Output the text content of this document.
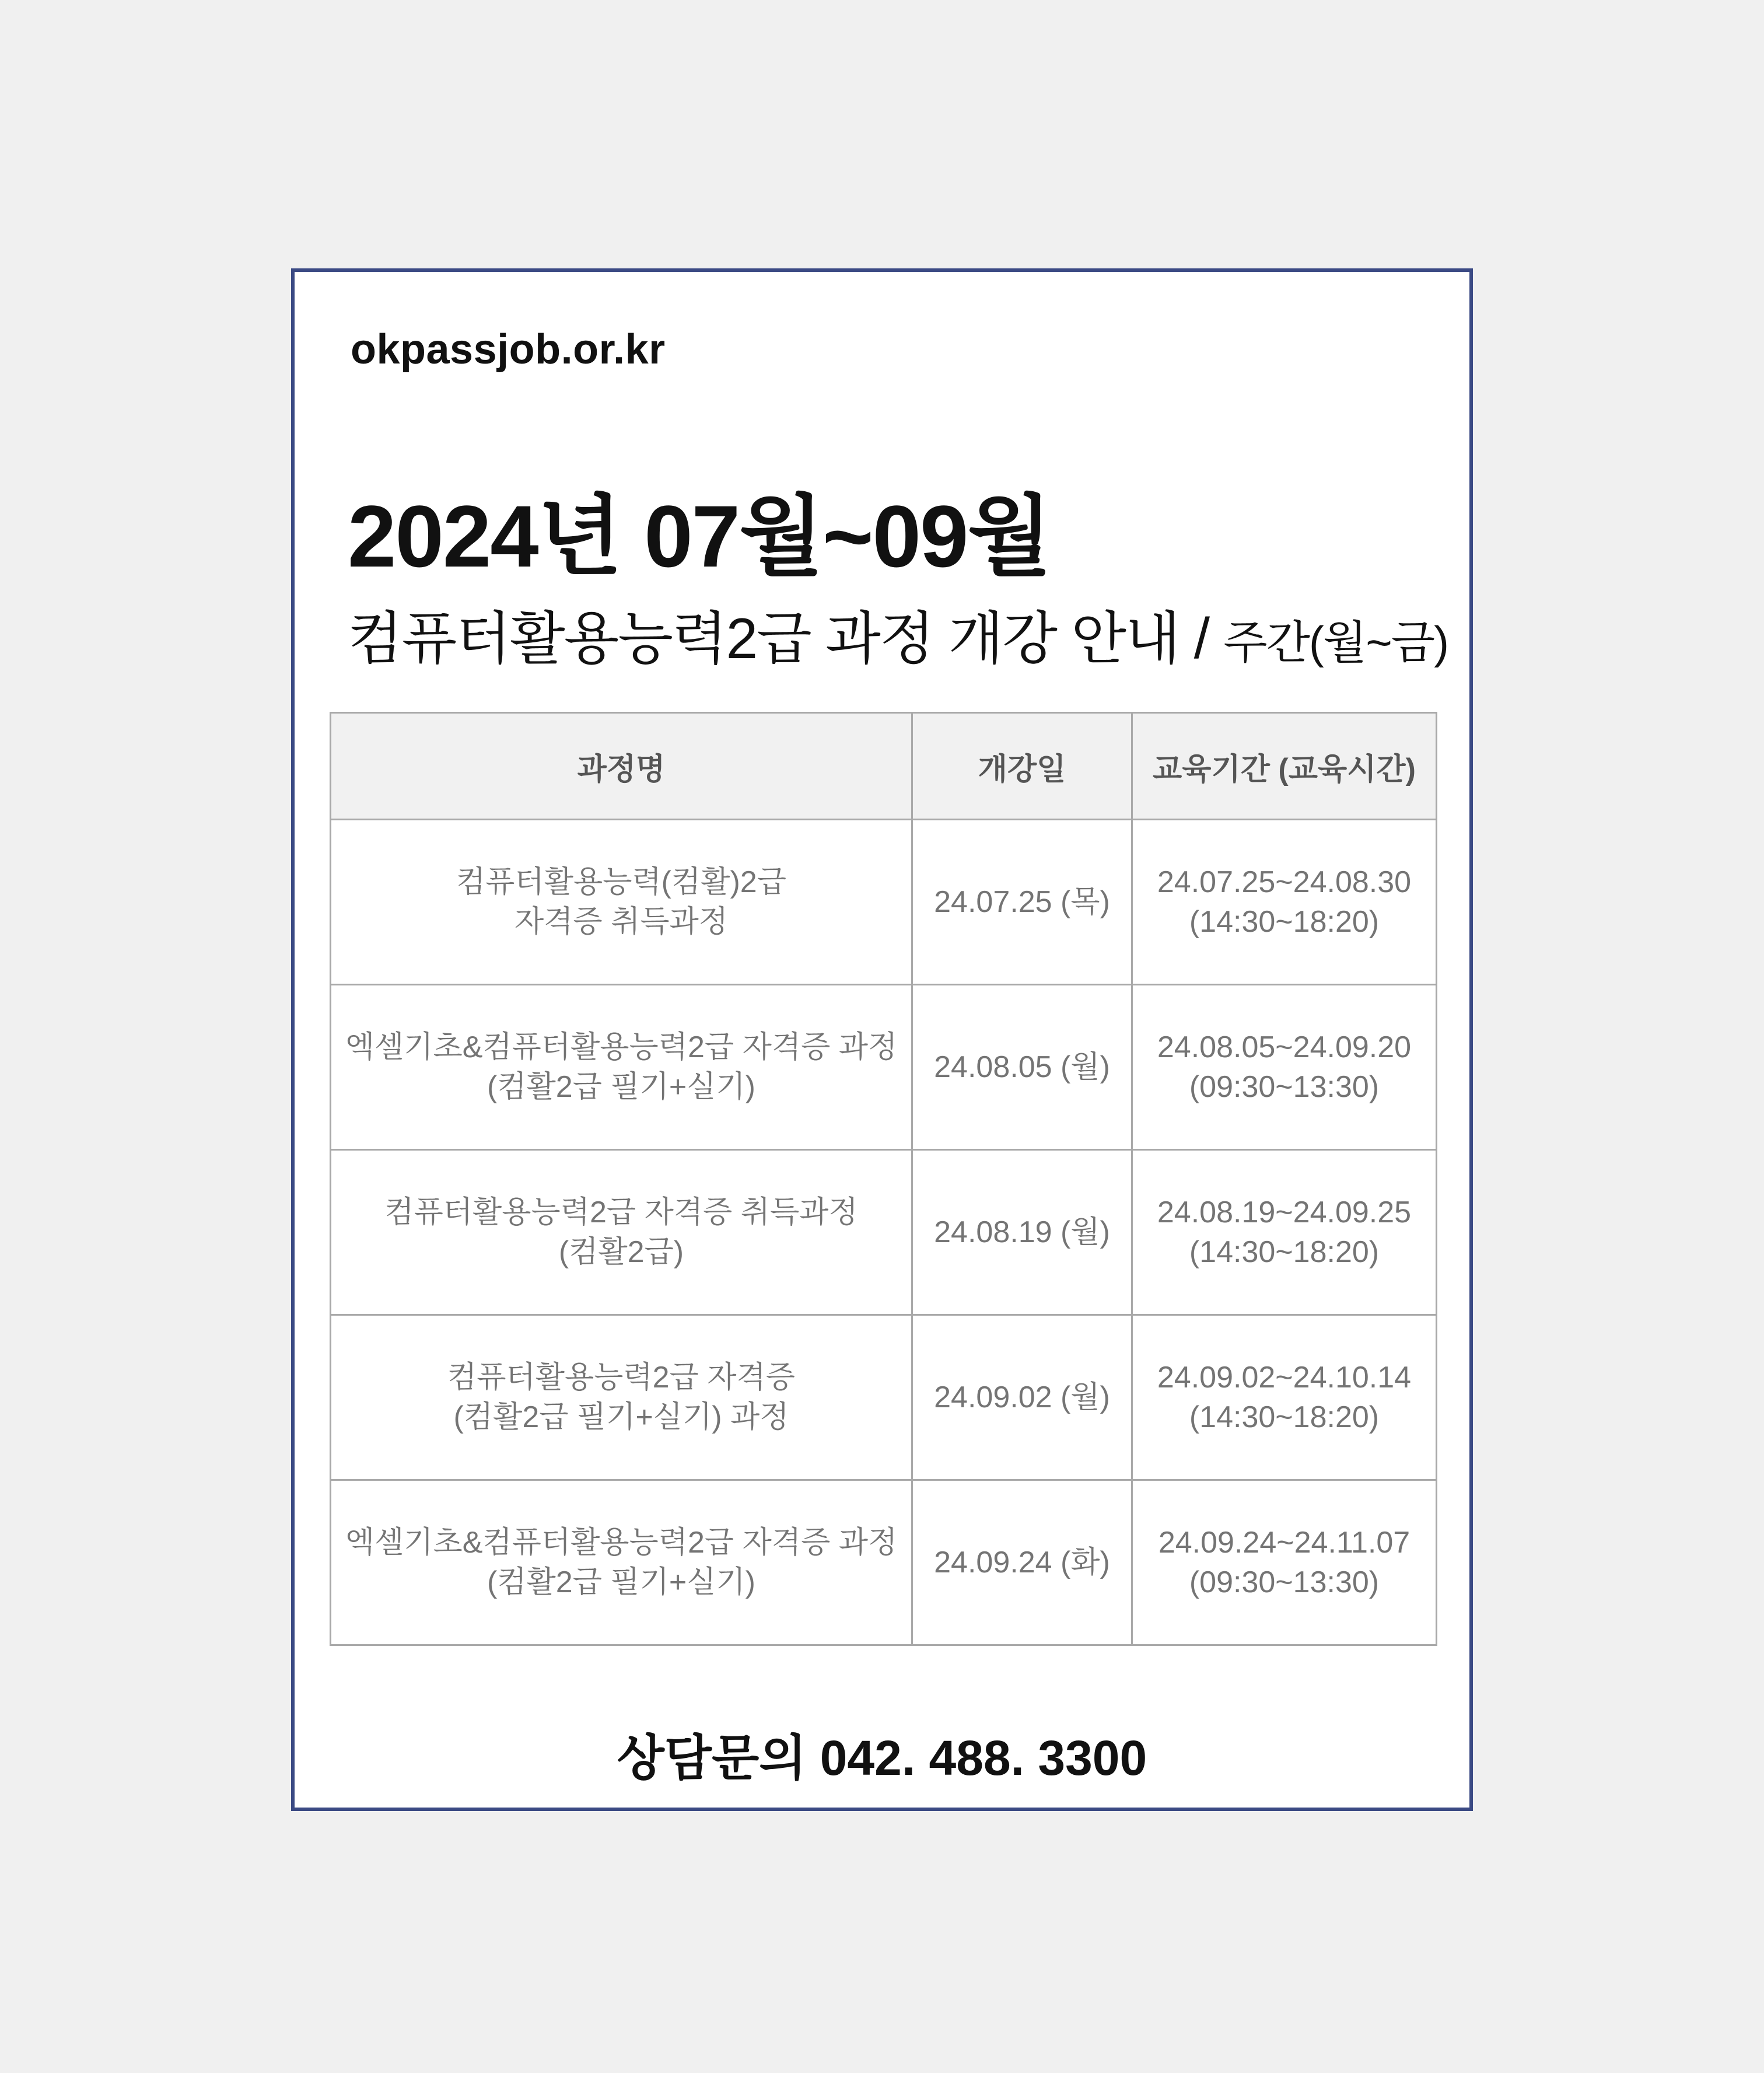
okpassjob.or.kr
2024년 07월~09월
컴퓨터활용능력2급 과정 개강 안내 / 주간(월~금)
과정명	개강일	교육기간 (교육시간)

컴퓨터활용능력(컴활)2급
자격증 취득과정	24.07.25 (목)	24.07.25~24.08.30
(14:30~18:20)

엑셀기초&컴퓨터활용능력2급 자격증 과정
(컴활2급 필기+실기)	24.08.05 (월)	24.08.05~24.09.20
(09:30~13:30)

컴퓨터활용능력2급 자격증 취득과정
(컴활2급)	24.08.19 (월)	24.08.19~24.09.25
(14:30~18:20)

컴퓨터활용능력2급 자격증
(컴활2급 필기+실기) 과정	24.09.02 (월)	24.09.02~24.10.14
(14:30~18:20)

엑셀기초&컴퓨터활용능력2급 자격증 과정
(컴활2급 필기+실기)	24.09.24 (화)	24.09.24~24.11.07
(09:30~13:30)
상담문의 042. 488. 3300
